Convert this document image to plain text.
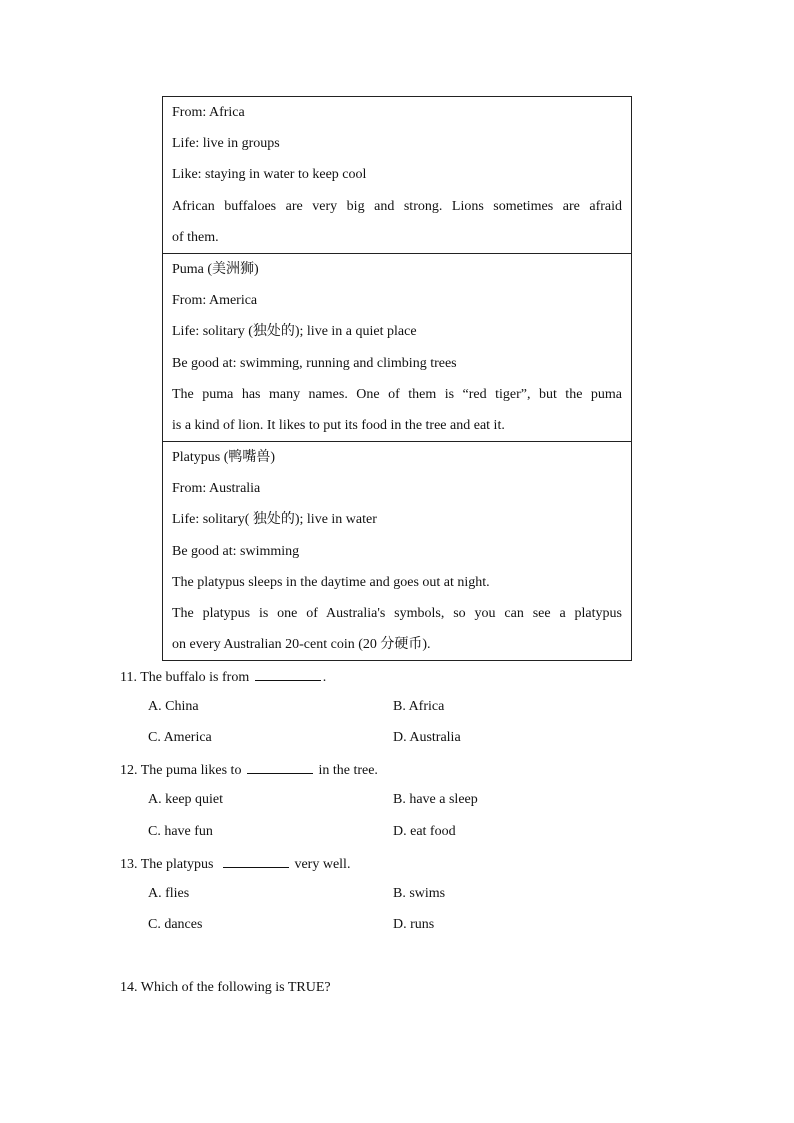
From: Africa
Life: live in groups
Like: staying in water to keep cool
African buffaloes are very big and strong. Lions sometimes are afraid
of them.
Puma (美洲狮)
From: America
Life: solitary (独处的); live in a quiet place
Be good at: swimming, running and climbing trees
The puma has many names. One of them is “red tiger”, but the puma
is a kind of lion. It likes to put its food in the tree and eat it.
Platypus (鸭嘴兽)
From: Australia
Life: solitary( 独处的); live in water
Be good at: swimming
The platypus sleeps in the daytime and goes out at night.
The platypus is one of Australia's symbols, so you can see a platypus
on every Australian 20-cent coin (20 分硬币).
11. The buffalo is from	.
A. China	B. Africa
C. America	D. Australia
12. The puma likes to	in the tree.
A. keep quiet	B. have a sleep
C. have fun	D. eat food
13. The platypus	very well.
A. flies	B. swims
C. dances	D. runs
14. Which of the following is TRUE?
